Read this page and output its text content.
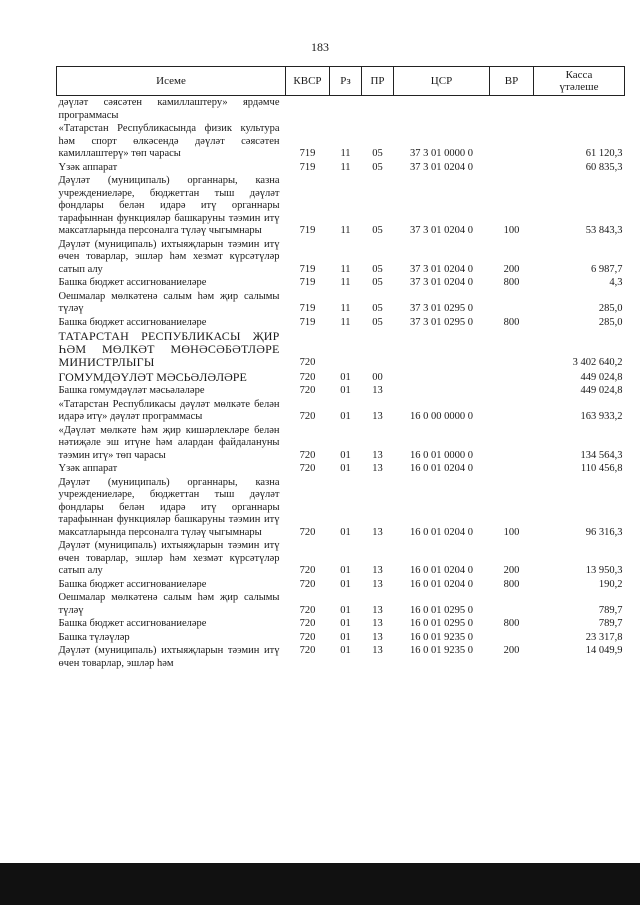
183
Исеме	КВСР	Рз	ПР	ЦСР	ВР	Касса
үтәлеше

дәүләт сәясәтен камиллаштеру» ярдәмче программасы						
«Татарстан Республикасында физик культура һәм спорт өлкәсендә дәүләт сәясәтен камиллаштерү» төп чарасы	719	11	05	37 3 01 0000 0		61 120,3
Үзәк аппарат	719	11	05	37 3 01 0204 0		60 835,3
Дәүләт (муниципаль) органнары, казна учреждениеләре, бюджеттан тыш дәүләт фондлары белән идарә итү органнары тарафыннан функцияләр башкаруны тәэмин итү максатларында персоналга түләү чыгымнары	719	11	05	37 3 01 0204 0	100	53 843,3
Дәүләт (муниципаль) ихтыяҗларын тәэмин итү өчен товарлар, эшләр һәм хезмәт күрсәтүләр сатып алу	719	11	05	37 3 01 0204 0	200	6 987,7
Башка бюджет ассигнованиеләре	719	11	05	37 3 01 0204 0	800	4,3
Оешмалар мөлкәтенә салым һәм җир салымы түләү	719	11	05	37 3 01 0295 0		285,0
Башка бюджет ассигнованиеләре	719	11	05	37 3 01 0295 0	800	285,0
ТАТАРСТАН РЕСПУБЛИКАСЫ ҖИР ҺӘМ МӨЛКӘТ МӨНӘСӘБӘТЛӘРЕ МИНИСТРЛЫГЫ	720					3 402 640,2
ГОМУМДӘҮЛӘТ МӘСЬӘЛӘЛӘРЕ	720	01	00			449 024,8
Башка гомумдәүләт мәсьәләләре	720	01	13			449 024,8
«Татарстан Республикасы дәүләт мөлкәте белән идарә итү» дәүләт программасы	720	01	13	16 0 00 0000 0		163 933,2
«Дәүләт мөлкәте һәм җир кишәрлекләре белән нәтиҗәле эш итүне һәм алардан файдалануны тәэмин итү» төп чарасы	720	01	13	16 0 01 0000 0		134 564,3
Үзәк аппарат	720	01	13	16 0 01 0204 0		110 456,8
Дәүләт (муниципаль) органнары, казна учреждениеләре, бюджеттан тыш дәүләт фондлары белән идарә итү органнары тарафыннан функцияләр башкаруны тәэмин итү максатларында персоналга түләү чыгымнары	720	01	13	16 0 01 0204 0	100	96 316,3
Дәүләт (муниципаль) ихтыяҗларын тәэмин итү өчен товарлар, эшләр һәм хезмәт күрсәтүләр сатып алу	720	01	13	16 0 01 0204 0	200	13 950,3
Башка бюджет ассигнованиеләре	720	01	13	16 0 01 0204 0	800	190,2
Оешмалар мөлкәтенә салым һәм җир салымы түләү	720	01	13	16 0 01 0295 0		789,7
Башка бюджет ассигнованиеләре	720	01	13	16 0 01 0295 0	800	789,7
Башка түләүләр	720	01	13	16 0 01 9235 0		23 317,8
Дәүләт (муниципаль) ихтыяҗларын тәэмин итү өчен товарлар, эшләр һәм	720	01	13	16 0 01 9235 0	200	14 049,9
